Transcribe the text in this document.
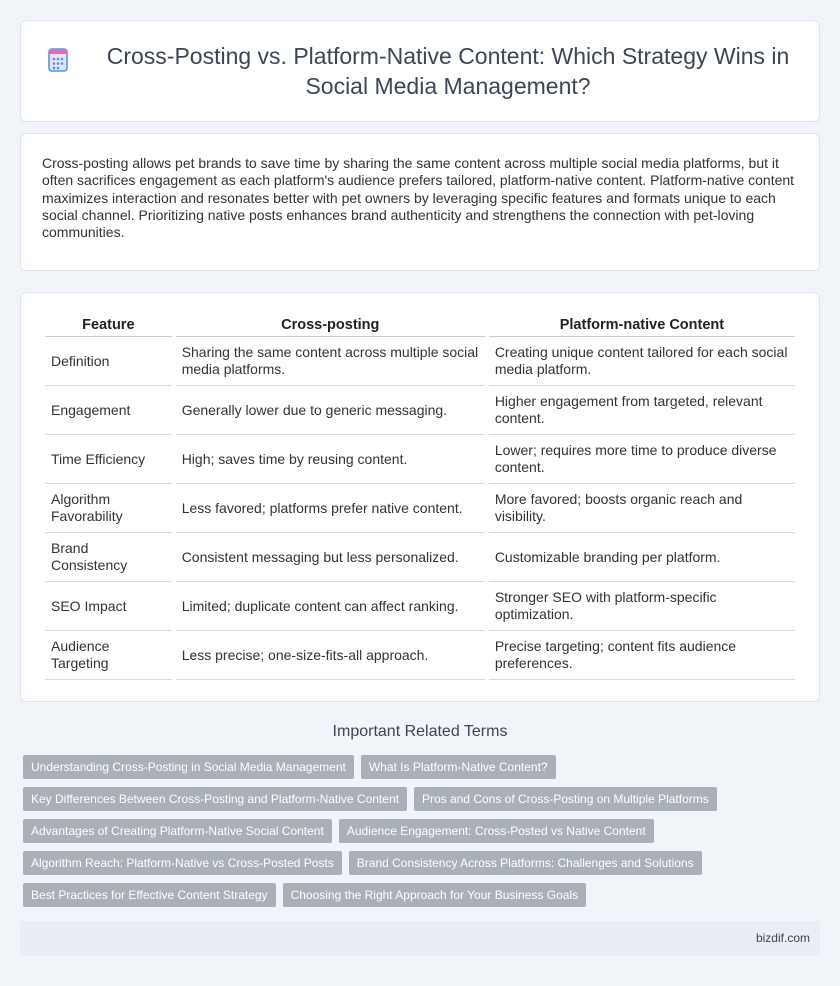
Cross-Posting vs. Platform-Native Content: Which Strategy Wins in Social Media Management?

Cross-posting allows pet brands to save time by sharing the same content across multiple social media platforms, but it often sacrifices engagement as each platform's audience prefers tailored, platform-native content. Platform-native content maximizes interaction and resonates better with pet owners by leveraging specific features and formats unique to each social channel. Prioritizing native posts enhances brand authenticity and strengthens the connection with pet-loving communities.

Feature	Cross-posting	Platform-native Content
Definition	Sharing the same content across multiple social media platforms.	Creating unique content tailored for each social media platform.
Engagement	Generally lower due to generic messaging.	Higher engagement from targeted, relevant content.
Time Efficiency	High; saves time by reusing content.	Lower; requires more time to produce diverse content.
Algorithm Favorability	Less favored; platforms prefer native content.	More favored; boosts organic reach and visibility.
Brand Consistency	Consistent messaging but less personalized.	Customizable branding per platform.
SEO Impact	Limited; duplicate content can affect ranking.	Stronger SEO with platform-specific optimization.
Audience Targeting	Less precise; one-size-fits-all approach.	Precise targeting; content fits audience preferences.
Important Related Terms
Understanding Cross-Posting in Social Media Management	What Is Platform-Native Content?
Key Differences Between Cross-Posting and Platform-Native Content	Pros and Cons of Cross-Posting on Multiple Platforms
Advantages of Creating Platform-Native Social Content	Audience Engagement: Cross-Posted vs Native Content
Algorithm Reach: Platform-Native vs Cross-Posted Posts	Brand Consistency Across Platforms: Challenges and Solutions
Best Practices for Effective Content Strategy	Choosing the Right Approach for Your Business Goals
bizdif.com
